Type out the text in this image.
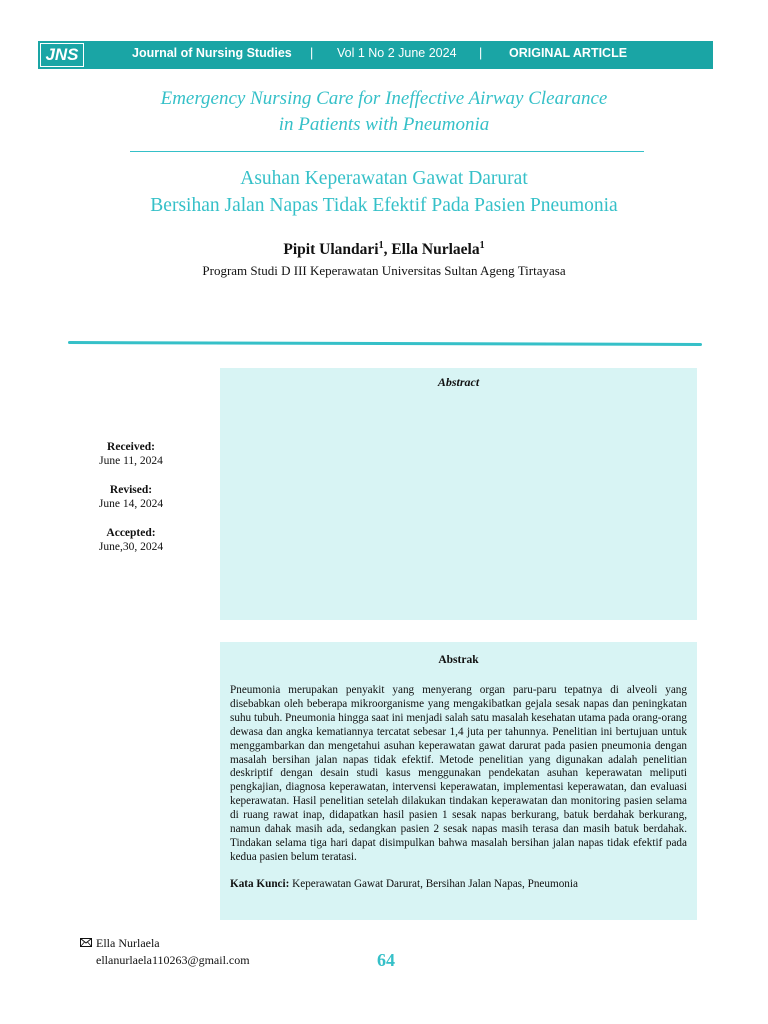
JNS	Journal of Nursing Studies | Vol 1 No 2 June 2024 | ORIGINAL ARTICLE
Emergency Nursing Care for Ineffective Airway Clearance
in Patients with Pneumonia
Asuhan Keperawatan Gawat Darurat
Bersihan Jalan Napas Tidak Efektif Pada Pasien Pneumonia
Pipit Ulandari$^1$, Ella Nurlaela$^1$
Program Studi D III Keperawatan Universitas Sultan Ageng Tirtayasa
Received:
June 11, 2024
Revised:
June 14, 2024
Accepted:
June,30, 2024
Abstract
Abstrak
Pneumonia merupakan penyakit yang menyerang organ paru-paru tepatnya di alveoli yang disebabkan oleh beberapa mikroorganisme yang mengakibatkan gejala sesak napas dan peningkatan suhu tubuh. Pneumonia hingga saat ini menjadi salah satu masalah kesehatan utama pada orang-orang dewasa dan angka kematiannya tercatat sebesar 1,4 juta per tahunnya. Penelitian ini bertujuan untuk menggambarkan dan mengetahui asuhan keperawatan gawat darurat pada pasien pneumonia dengan masalah bersihan jalan napas tidak efektif. Metode penelitian yang digunakan adalah penelitian deskriptif dengan desain studi kasus menggunakan pendekatan asuhan keperawatan meliputi pengkajian, diagnosa keperawatan, intervensi keperawatan, implementasi keperawatan, dan evaluasi keperawatan. Hasil penelitian setelah dilakukan tindakan keperawatan dan monitoring pasien selama di ruang rawat inap, didapatkan hasil pasien 1 sesak napas berkurang, batuk berdahak berkurang, namun dahak masih ada, sedangkan pasien 2 sesak napas masih terasa dan masih batuk berdahak. Tindakan selama tiga hari dapat disimpulkan bahwa masalah bersihan jalan napas tidak efektif pada kedua pasien belum teratasi.
Kata Kunci: Keperawatan Gawat Darurat, Bersihan Jalan Napas, Pneumonia
Ella Nurlaela
ellanurlaela110263@gmail.com	64
